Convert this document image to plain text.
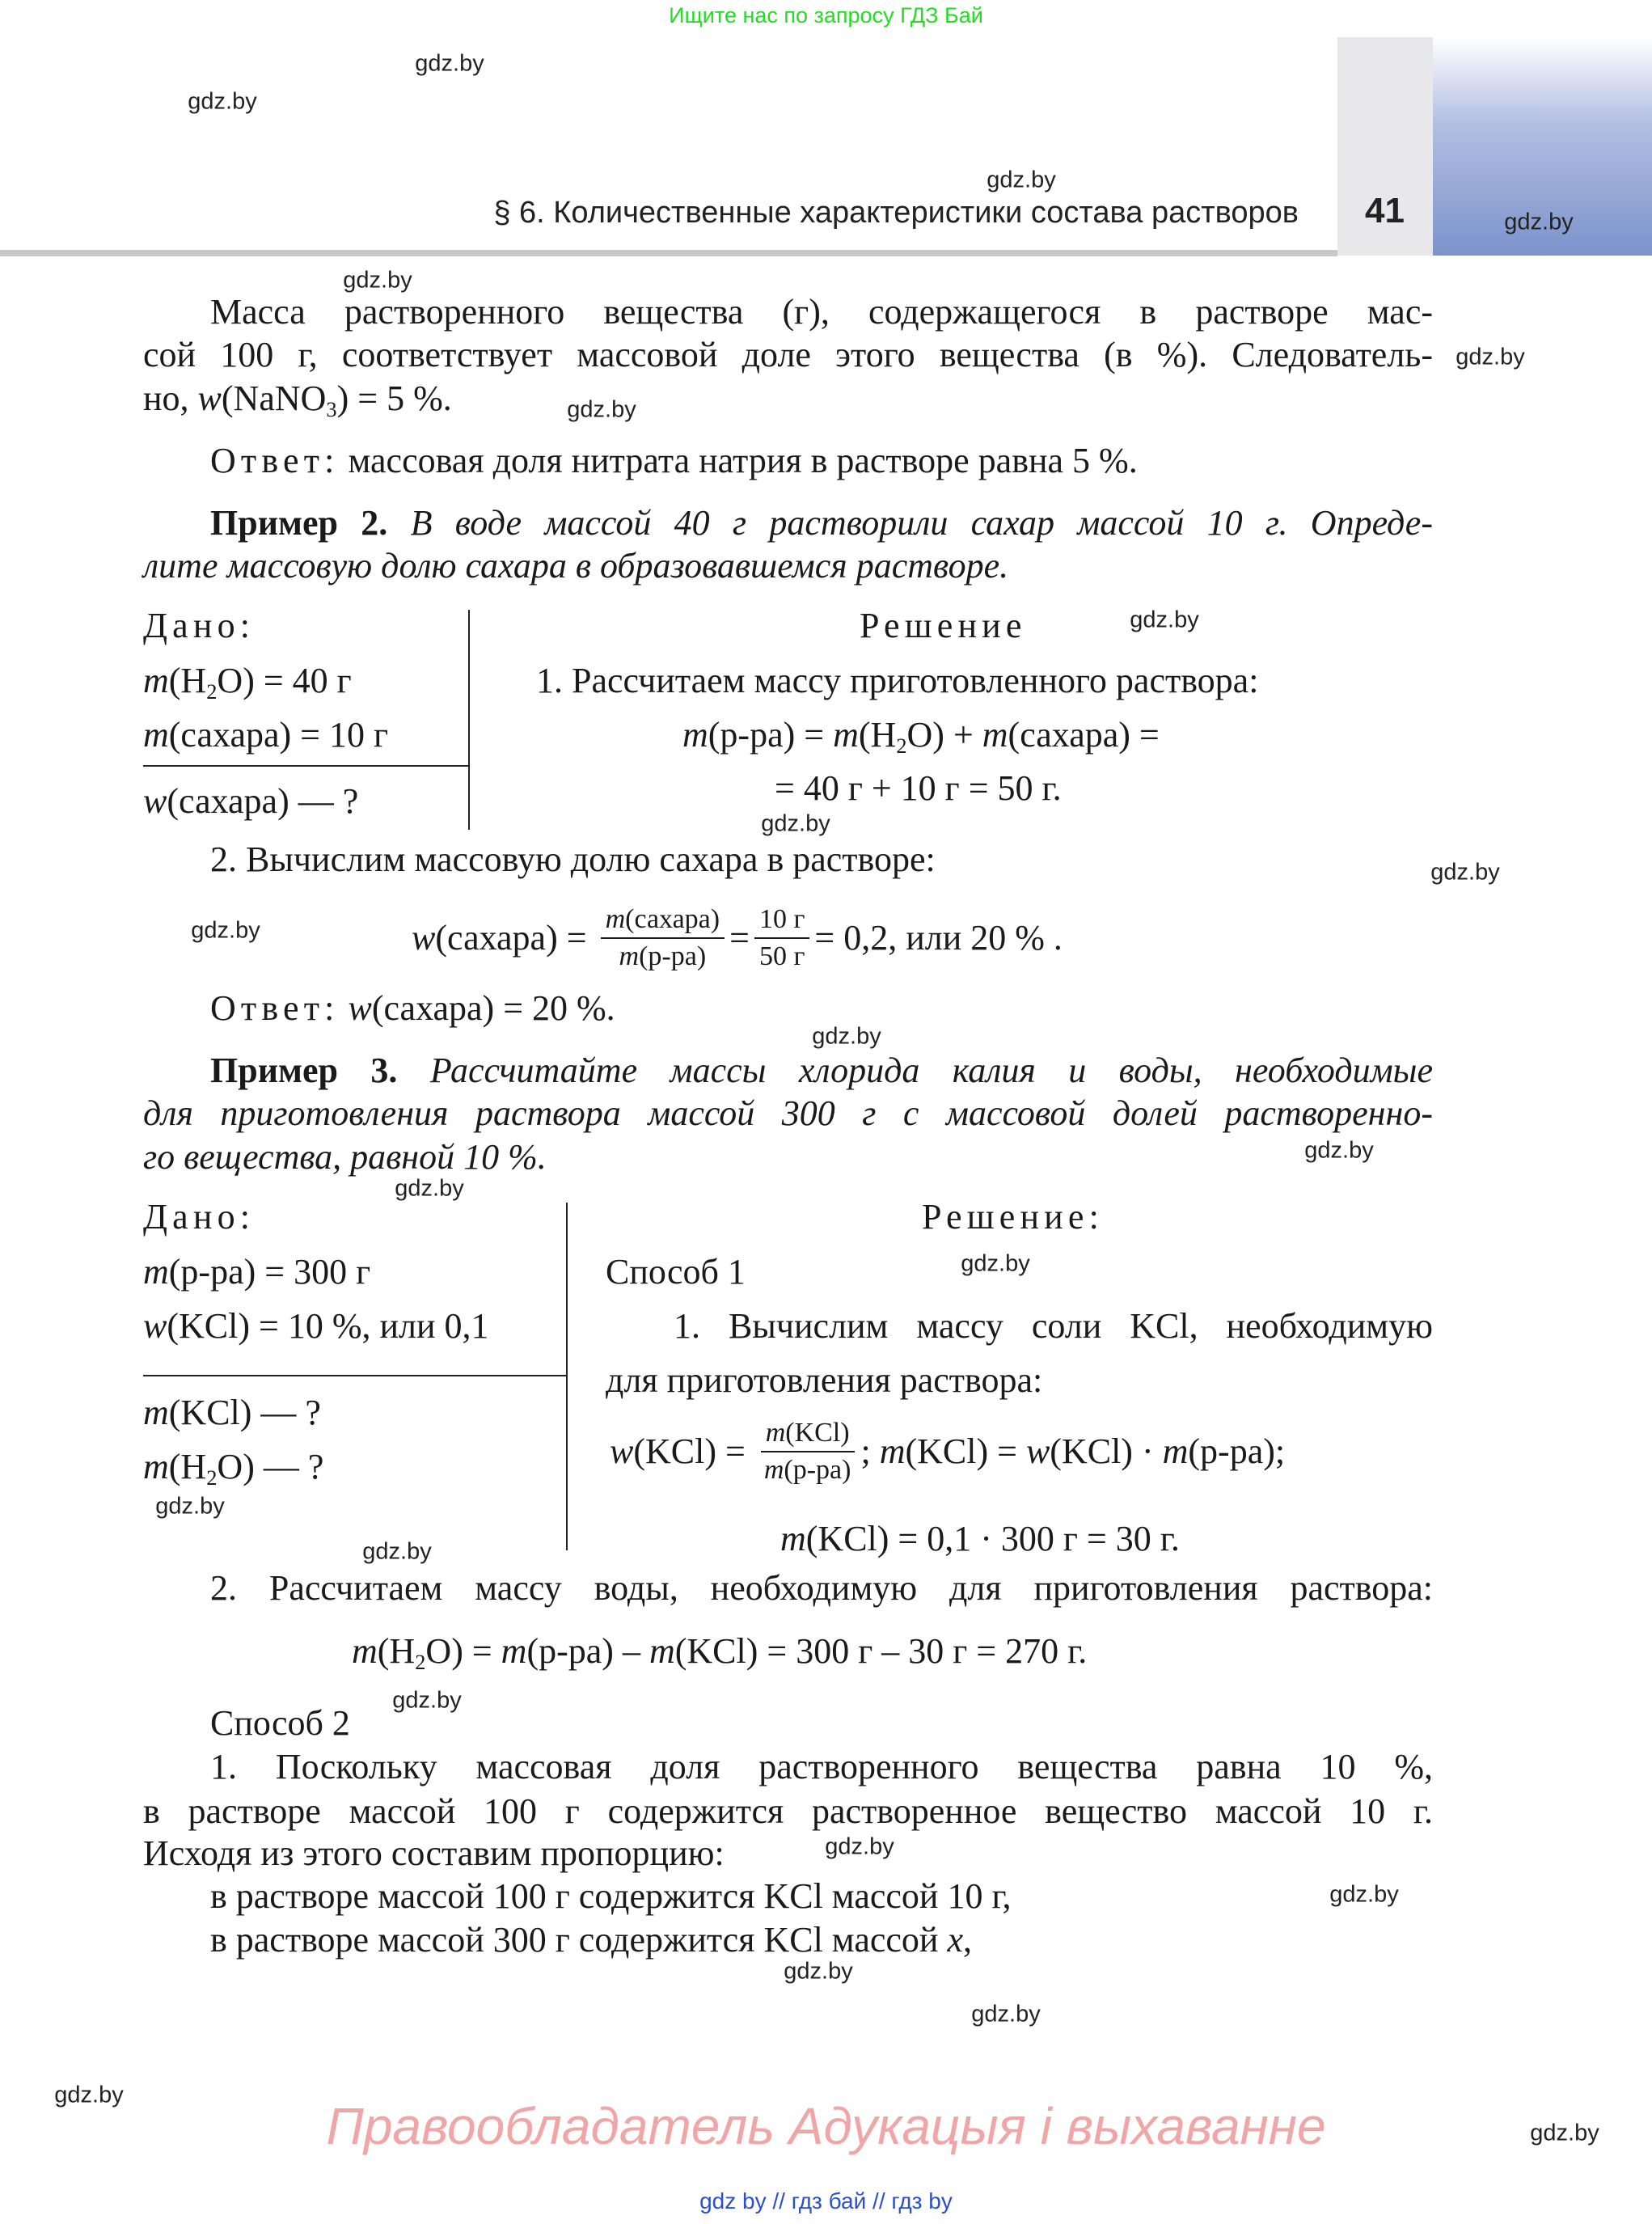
Ищите нас по запросу ГДЗ Бай
§ 6. Количественные характеристики состава растворов 41
Масса растворенного вещества (г), содержащегося в растворе мас-
сой 100 г, соответствует массовой доле этого вещества (в %). Следователь-
но, w(NaNO$_3$) = 5 %.
Ответ: массовая доля нитрата натрия в растворе равна 5 %.
Пример 2. В воде массой 40 г растворили сахар массой 10 г. Опреде-
лите массовую долю сахара в образовавшемся растворе.
Дано:
$m(H_2O) = 40$ г
m(сахара) = 10 г
w(сахара) — ?
Решение
1. Рассчитаем массу приготовленного раствора:
$m(р-ра) = m(H_2O)$ + m(сахара) =
= 40 г + 10 г = 50 г.
2. Вычислим массовую долю сахара в растворе:
w (сахара) = $\frac{\text{m(сахара)}}{m(р-ра)} = \frac{10 г}{50 г} = 0,2$, или 20 % .
Ответ: w(сахара) = 20 %.
Пример 3. Рассчитайте массы хлорида калия и воды, необходимые
для приготовления раствора массой 300 г с массовой долей растворенно-
го вещества, равной 10 %.
Дано:
m(р-ра) = 300 г
w(KCl) = 10 %, или 0,1
m(KCl) — ?
$m(H_2O)$ — ?
Решение:
Способ 1
1. Вычислим массу соли KCl, необходимую
для приготовления раствора:
w $(KCl) = \frac{\text{m(KCl)}}{m(р-ра)}$ ; m (KCl) = w (KCl) · m (р-ра);
m(KCl) = 0,1 · 300 г = 30 г.
2. Рассчитаем массу воды, необходимую для приготовления раствора:
$m(H_2O) = m(р-ра) - m(KCl) = 300$ г – 30 г = 270 г.
Способ 2
1. Поскольку массовая доля растворенного вещества равна 10 %,
в растворе массой 100 г содержится растворенное вещество массой 10 г.
Исходя из этого составим пропорцию:
в растворе массой 100 г содержится KCl массой 10 г,
в растворе массой 300 г содержится KCl массой x,
gdz.by
gdz.by
gdz.by
gdz.by
gdz.by
gdz.by
gdz.by
gdz.by
gdz.by
gdz.by
gdz.by
gdz.by
gdz.by
gdz.by
gdz.by
gdz.by
gdz.by
gdz.by
gdz.by
gdz.by
gdz.by
gdz.by
gdz.by
gdz.by
Правообладатель Адукацыя і выхаванне
gdz by // гдз бай // гдз by
